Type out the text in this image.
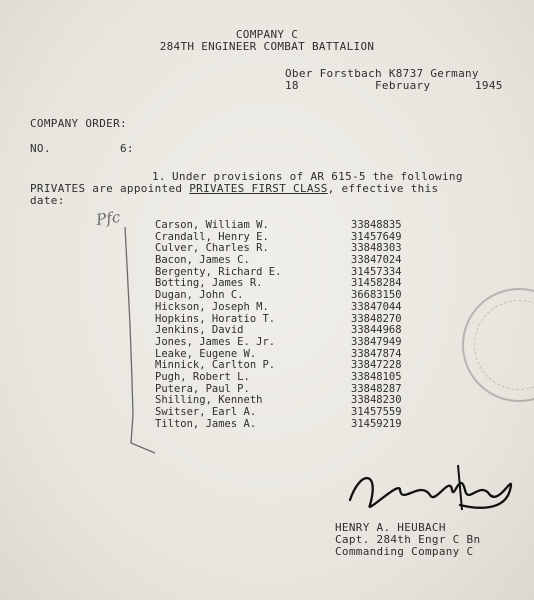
COMPANY C
284TH ENGINEER COMBAT BATTALION
Ober Forstbach K8737 Germany
18	February	1945
COMPANY ORDER:
NO.	6:
1. Under provisions of AR 615-5 the following
PRIVATES are appointed PRIVATES FIRST CLASS, effective this
date:
Pfc	Carson, William W.	33848835
Crandall, Henry E.	31457649
Culver, Charles R.	33848303
Bacon, James C.	33847024
Bergenty, Richard E.	31457334
Botting, James R.	31458284
Dugan, John C.	36683150
Hickson, Joseph M.	33847044
Hopkins, Horatio T.	33848270
Jenkins, David	33844968
Jones, James E. Jr.	33847949
Leake, Eugene W.	33847874
Minnick, Carlton P.	33847228
Pugh, Robert L.	33848105
Putera, Paul P.	33848287
Shilling, Kenneth	33848230
Switser, Earl A.	31457559
Tilton, James A.	31459219
HENRY A. HEUBACH
Capt. 284th Engr C Bn
Commanding Company C
